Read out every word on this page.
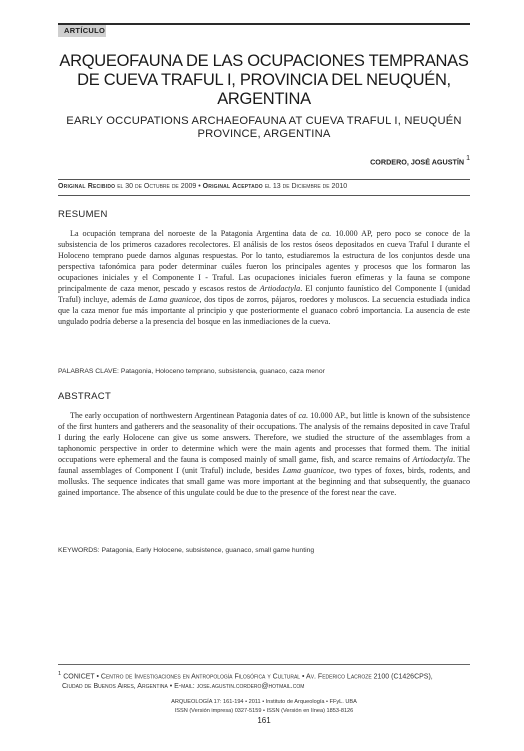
ARTÍCULO
ARQUEOFAUNA DE LAS OCUPACIONES TEMPRANAS
DE CUEVA TRAFUL I, PROVINCIA DEL NEUQUÉN,
ARGENTINA
EARLY OCCUPATIONS ARCHAEOFAUNA AT CUEVA TRAFUL I, NEUQUÉN
PROVINCE, ARGENTINA
CORDERO, JOSÉ AGUSTÍN $^1$
Original Recibido el 30 de Octubre de 2009 • Original Aceptado el 13 de Diciembre de 2010
RESUMEN

La ocupación temprana del noroeste de la Patagonia Argentina data de ca. 10.000 AP, pero poco se conoce de la subsistencia de los primeros cazadores recolectores. El análisis de los restos óseos depositados en cueva Traful I durante el Holoceno temprano puede darnos algunas respuestas. Por lo tanto, estudiaremos la estructura de los conjuntos desde una perspectiva tafonómica para poder determinar cuáles fueron los principales agentes y procesos que los formaron las ocupaciones iniciales y el Componente I - Traful. Las ocupaciones iniciales fueron efímeras y la fauna se compone principalmente de caza menor, pescado y escasos restos de Artiodactyla. El conjunto faunístico del Componente I (unidad Traful) incluye, además de Lama guanicoe, dos tipos de zorros, pájaros, roedores y moluscos. La secuencia estudiada indica que la caza menor fue más importante al principio y que posteriormente el guanaco cobró importancia. La ausencia de este ungulado podría deberse a la presencia del bosque en las inmediaciones de la cueva.

PALABRAS CLAVE: Patagonia, Holoceno temprano, subsistencia, guanaco, caza menor
ABSTRACT

The early occupation of northwestern Argentinean Patagonia dates of ca. 10.000 AP., but little is known of the subsistence of the first hunters and gatherers and the seasonality of their occupations. The analysis of the remains deposited in cave Traful I during the early Holocene can give us some answers. Therefore, we studied the structure of the assemblages from a taphonomic perspective in order to determine which were the main agents and processes that formed them. The initial occupations were ephemeral and the fauna is composed mainly of small game, fish, and scarce remains of Artiodactyla. The faunal assemblages of Component I (unit Traful) include, besides Lama guanicoe, two types of foxes, birds, rodents, and mollusks. The sequence indicates that small game was more important at the beginning and that subsequently, the guanaco gained importance. The absence of this ungulate could be due to the presence of the forest near the cave.

KEYWORDS: Patagonia, Early Holocene, subsistence, guanaco, small game hunting
$^1$ CONICET • Centro de Investigaciones en Antropología Filosófica y Cultural • Av. Federico Lacroze 2100 (C1426CPS),
Ciudad de Buenos Aires, Argentina • E-mail: jose.agustin.cordero@hotmail.com
ARQUEOLOGÍA 17: 161-194 • 2011 • Instituto de Arqueología • FFyL. UBA
ISSN (Versión impresa) 0327-5159 • ISSN (Versión en línea) 1853-8126
161
